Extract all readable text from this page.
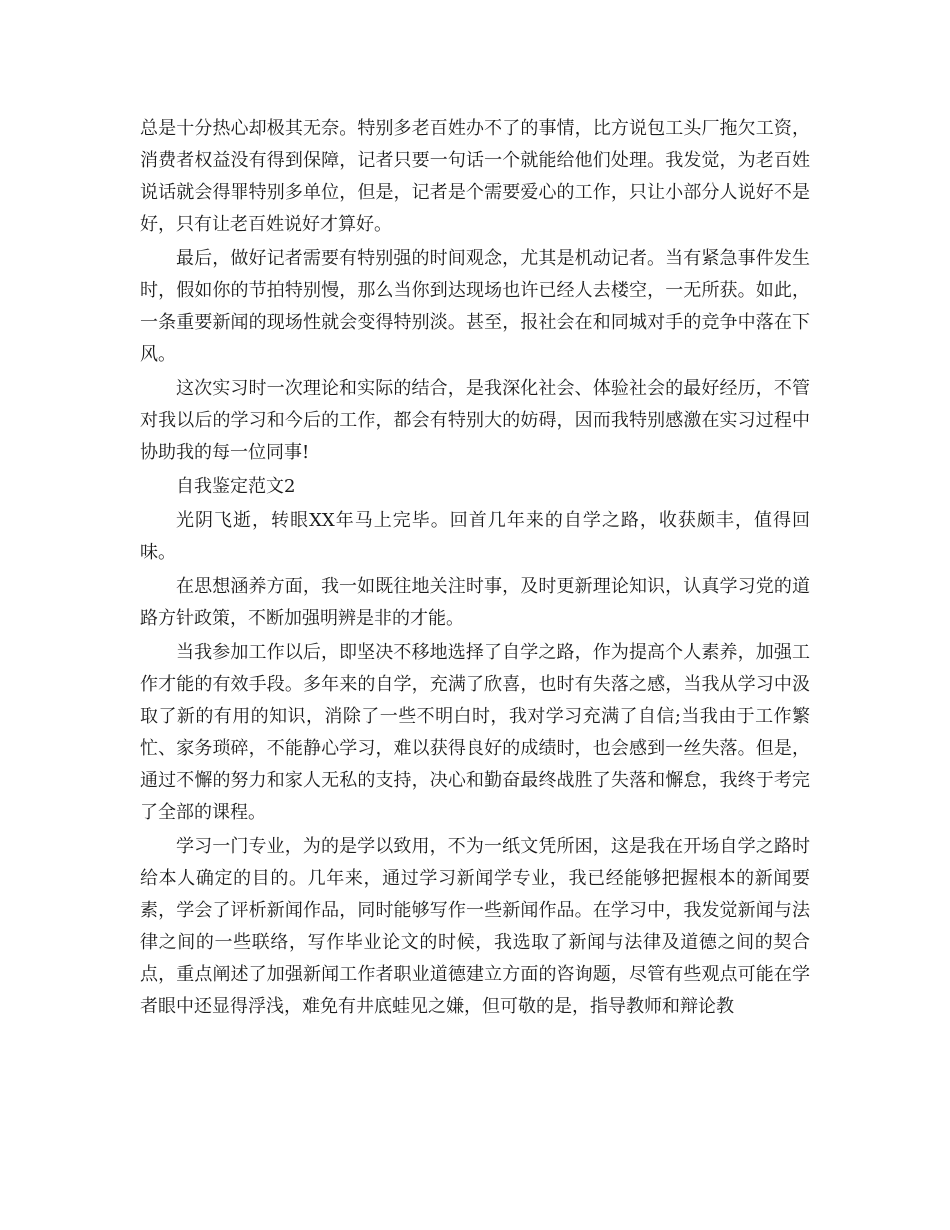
总是十分热心却极其无奈。特别多老百姓办不了的事情，比方说包工头厂拖欠工资，消费者权益没有得到保障，记者只要一句话一个就能给他们处理。我发觉，为老百姓说话就会得罪特别多单位，但是，记者是个需要爱心的工作，只让小部分人说好不是好，只有让老百姓说好才算好。

最后，做好记者需要有特别强的时间观念，尤其是机动记者。当有紧急事件发生时，假如你的节拍特别慢，那么当你到达现场也许已经人去楼空，一无所获。如此，一条重要新闻的现场性就会变得特别淡。甚至，报社会在和同城对手的竞争中落在下风。

这次实习时一次理论和实际的结合，是我深化社会、体验社会的最好经历，不管对我以后的学习和今后的工作，都会有特别大的妨碍，因而我特别感激在实习过程中协助我的每一位同事!

自我鉴定范文2

光阴飞逝，转眼XX年马上完毕。回首几年来的自学之路，收获颇丰，值得回味。

在思想涵养方面，我一如既往地关注时事，及时更新理论知识，认真学习党的道路方针政策，不断加强明辨是非的才能。

当我参加工作以后，即坚决不移地选择了自学之路，作为提高个人素养，加强工作才能的有效手段。多年来的自学，充满了欣喜，也时有失落之感，当我从学习中汲取了新的有用的知识，消除了一些不明白时，我对学习充满了自信;当我由于工作繁忙、家务琐碎，不能静心学习，难以获得良好的成绩时，也会感到一丝失落。但是，通过不懈的努力和家人无私的支持，决心和勤奋最终战胜了失落和懈怠，我终于考完了全部的课程。

学习一门专业，为的是学以致用，不为一纸文凭所困，这是我在开场自学之路时给本人确定的目的。几年来，通过学习新闻学专业，我已经能够把握根本的新闻要素，学会了评析新闻作品，同时能够写作一些新闻作品。在学习中，我发觉新闻与法律之间的一些联络，写作毕业论文的时候，我选取了新闻与法律及道德之间的契合点，重点阐述了加强新闻工作者职业道德建立方面的咨询题，尽管有些观点可能在学者眼中还显得浮浅，难免有井底蛙见之嫌，但可敬的是，指导教师和辩论教
